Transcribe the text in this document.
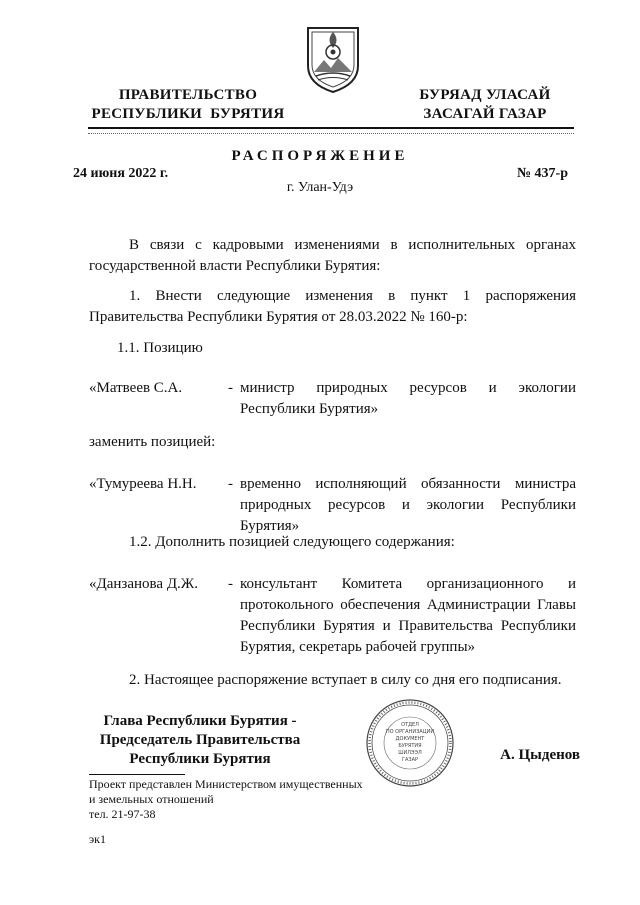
ПРАВИТЕЛЬСТВО
РЕСПУБЛИКИ  БУРЯТИЯ
БУРЯАД УЛАСАЙ
ЗАСАГАЙ ГАЗАР
РАСПОРЯЖЕНИЕ
24 июня 2022 г.	№ 437-р
г. Улан-Удэ
В связи с кадровыми изменениями в исполнительных органах государственной власти Республики Бурятия:
1. Внести следующие изменения в пункт 1 распоряжения Правительства Республики Бурятия от 28.03.2022 № 160-р:
1.1. Позицию
«Матвеев С.А.	- министр природных ресурсов и экологии Республики Бурятия»
заменить позицией:
«Тумуреева Н.Н.	- временно исполняющий обязанности министра природных ресурсов и экологии Республики Бурятия»
1.2. Дополнить позицией следующего содержания:
«Данзанова Д.Ж.	- консультант Комитета организационного и протокольного обеспечения Администрации Главы Республики Бурятия и Правительства Республики Бурятия, секретарь рабочей группы»
2. Настоящее распоряжение вступает в силу со дня его подписания.
Глава Республики Бурятия -
Председатель Правительства
Республики Бурятия
ОТДЕЛ
ПО ОРГАНИЗАЦИИ
ДОКУМЕНТ
БУРЯТИЯ
ШИЛЭЭЛ
ГАЗАР	А. Цыденов
Проект представлен Министерством имущественных
и земельных отношений
тел. 21-97-38
эк1
